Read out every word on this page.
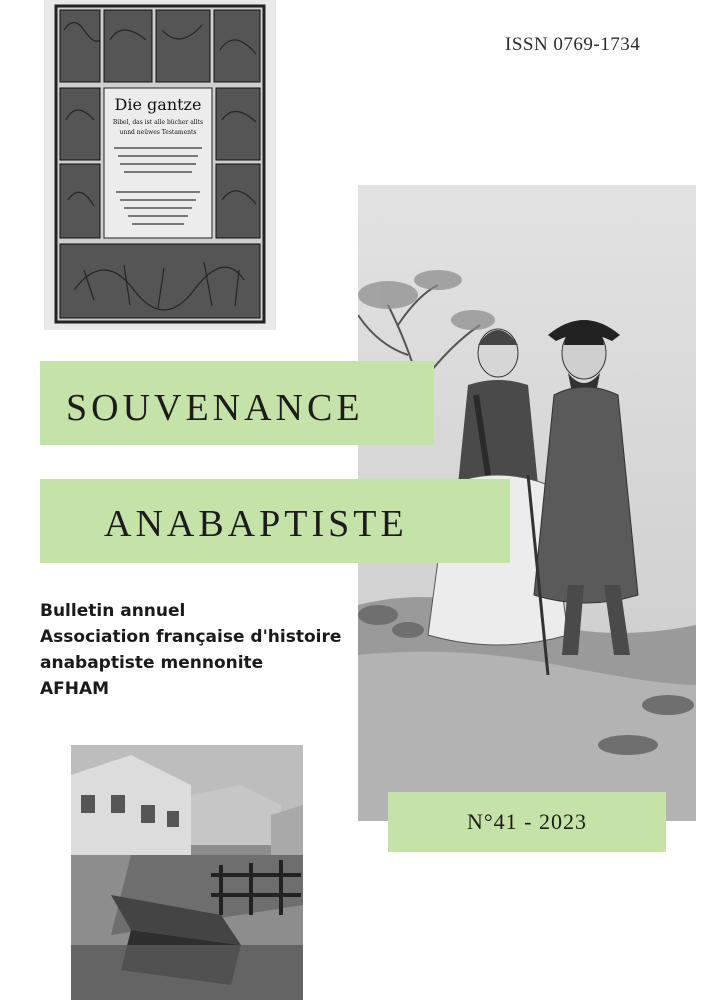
ISSN 0769-1734
Die gantze
Bibel, das ist alle bücher allts
unnd neüwes Testaments
SOUVENANCE
ANABAPTISTE
Bulletin annuel
Association française d'histoire
anabaptiste mennonite
AFHAM
N°41 - 2023
